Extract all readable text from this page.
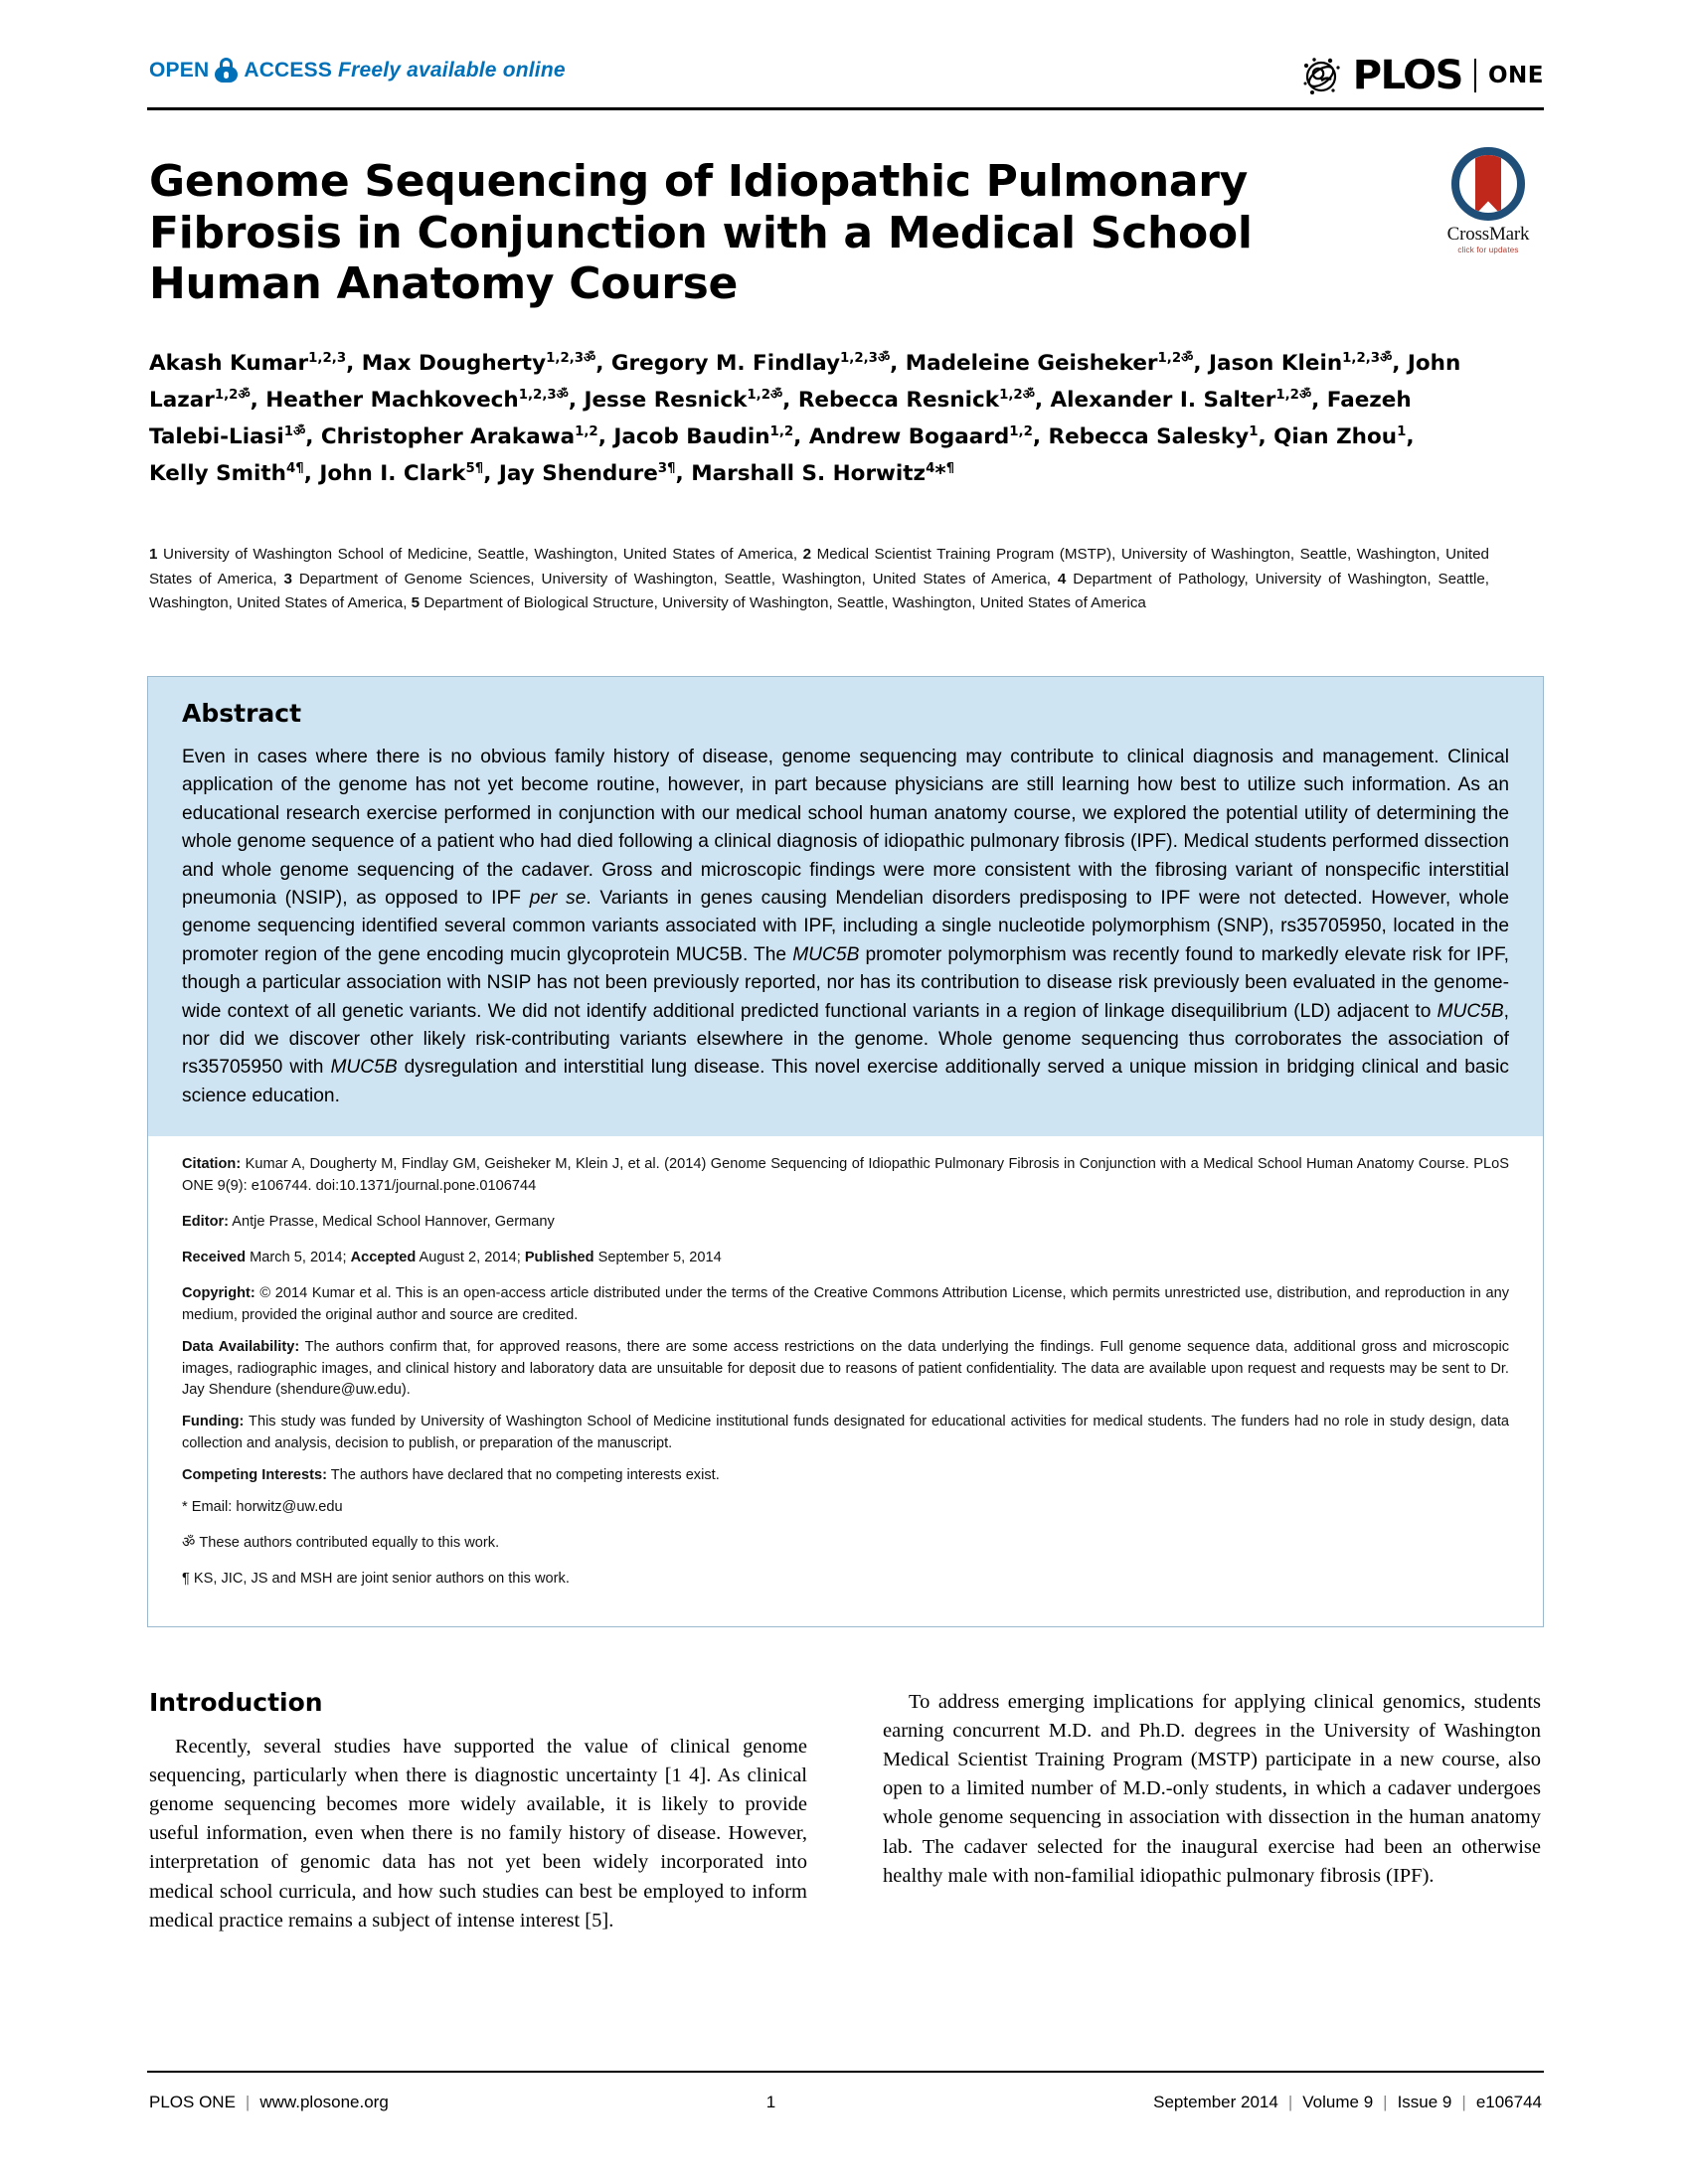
OPEN ACCESS Freely available online	PLOS ONE
Genome Sequencing of Idiopathic Pulmonary Fibrosis in Conjunction with a Medical School Human Anatomy Course
CrossMark
click for updates
Akash Kumar$^{1,2,3}$, Max Dougherty$^{1,2,3ॐ}$, Gregory M. Findlay$^{1,2,3ॐ}$, Madeleine Geisheker$^{1,2ॐ}$, Jason Klein$^{1,2,3ॐ}$, John Lazar$^{1,2ॐ}$, Heather Machkovech$^{1,2,3ॐ}$, Jesse Resnick$^{1,2ॐ}$, Rebecca Resnick$^{1,2ॐ}$, Alexander I. Salter$^{1,2ॐ}$, Faezeh Talebi-Liasi$^{1ॐ}$, Christopher Arakawa$^{1,2}$, Jacob Baudin$^{1,2}$, Andrew Bogaard$^{1,2}$, Rebecca Salesky$^1$, Qian Zhou$^1$, Kelly Smith$^{4\P}$, John I. Clark$^{5\P}$, Jay Shendure$^{3\P}$, Marshall S. Horwitz$^4$*¶
1 University of Washington School of Medicine, Seattle, Washington, United States of America, 2 Medical Scientist Training Program (MSTP), University of Washington, Seattle, Washington, United States of America, 3 Department of Genome Sciences, University of Washington, Seattle, Washington, United States of America, 4 Department of Pathology, University of Washington, Seattle, Washington, United States of America, 5 Department of Biological Structure, University of Washington, Seattle, Washington, United States of America
Abstract

Even in cases where there is no obvious family history of disease, genome sequencing may contribute to clinical diagnosis and management. Clinical application of the genome has not yet become routine, however, in part because physicians are still learning how best to utilize such information. As an educational research exercise performed in conjunction with our medical school human anatomy course, we explored the potential utility of determining the whole genome sequence of a patient who had died following a clinical diagnosis of idiopathic pulmonary fibrosis (IPF). Medical students performed dissection and whole genome sequencing of the cadaver. Gross and microscopic findings were more consistent with the fibrosing variant of nonspecific interstitial pneumonia (NSIP), as opposed to IPF per se. Variants in genes causing Mendelian disorders predisposing to IPF were not detected. However, whole genome sequencing identified several common variants associated with IPF, including a single nucleotide polymorphism (SNP), rs35705950, located in the promoter region of the gene encoding mucin glycoprotein MUC5B. The MUC5B promoter polymorphism was recently found to markedly elevate risk for IPF, though a particular association with NSIP has not been previously reported, nor has its contribution to disease risk previously been evaluated in the genome-wide context of all genetic variants. We did not identify additional predicted functional variants in a region of linkage disequilibrium (LD) adjacent to MUC5B, nor did we discover other likely risk-contributing variants elsewhere in the genome. Whole genome sequencing thus corroborates the association of rs35705950 with MUC5B dysregulation and interstitial lung disease. This novel exercise additionally served a unique mission in bridging clinical and basic science education.

Citation: Kumar A, Dougherty M, Findlay GM, Geisheker M, Klein J, et al. (2014) Genome Sequencing of Idiopathic Pulmonary Fibrosis in Conjunction with a Medical School Human Anatomy Course. PLoS ONE 9(9): e106744. doi:10.1371/journal.pone.0106744

Editor: Antje Prasse, Medical School Hannover, Germany

Received March 5, 2014; Accepted August 2, 2014; Published September 5, 2014

Copyright: © 2014 Kumar et al. This is an open-access article distributed under the terms of the Creative Commons Attribution License, which permits unrestricted use, distribution, and reproduction in any medium, provided the original author and source are credited.

Data Availability: The authors confirm that, for approved reasons, there are some access restrictions on the data underlying the findings. Full genome sequence data, additional gross and microscopic images, radiographic images, and clinical history and laboratory data are unsuitable for deposit due to reasons of patient confidentiality. The data are available upon request and requests may be sent to Dr. Jay Shendure (shendure@uw.edu).

Funding: This study was funded by University of Washington School of Medicine institutional funds designated for educational activities for medical students. The funders had no role in study design, data collection and analysis, decision to publish, or preparation of the manuscript.

Competing Interests: The authors have declared that no competing interests exist.

* Email: horwitz@uw.edu

ॐ These authors contributed equally to this work.

¶ KS, JIC, JS and MSH are joint senior authors on this work.

Introduction

Recently, several studies have supported the value of clinical genome sequencing, particularly when there is diagnostic uncertainty [1 4]. As clinical genome sequencing becomes more widely available, it is likely to provide useful information, even when there is no family history of disease. However, interpretation of genomic data has not yet been widely incorporated into medical school curricula, and how such studies can best be employed to inform medical practice remains a subject of intense interest [5].

To address emerging implications for applying clinical genomics, students earning concurrent M.D. and Ph.D. degrees in the University of Washington Medical Scientist Training Program (MSTP) participate in a new course, also open to a limited number of M.D.-only students, in which a cadaver undergoes whole genome sequencing in association with dissection in the human anatomy lab. The cadaver selected for the inaugural exercise had been an otherwise healthy male with non-familial idiopathic pulmonary fibrosis (IPF).

PLOS ONE | www.plosone.org	1	September 2014 | Volume 9 | Issue 9 | e106744
